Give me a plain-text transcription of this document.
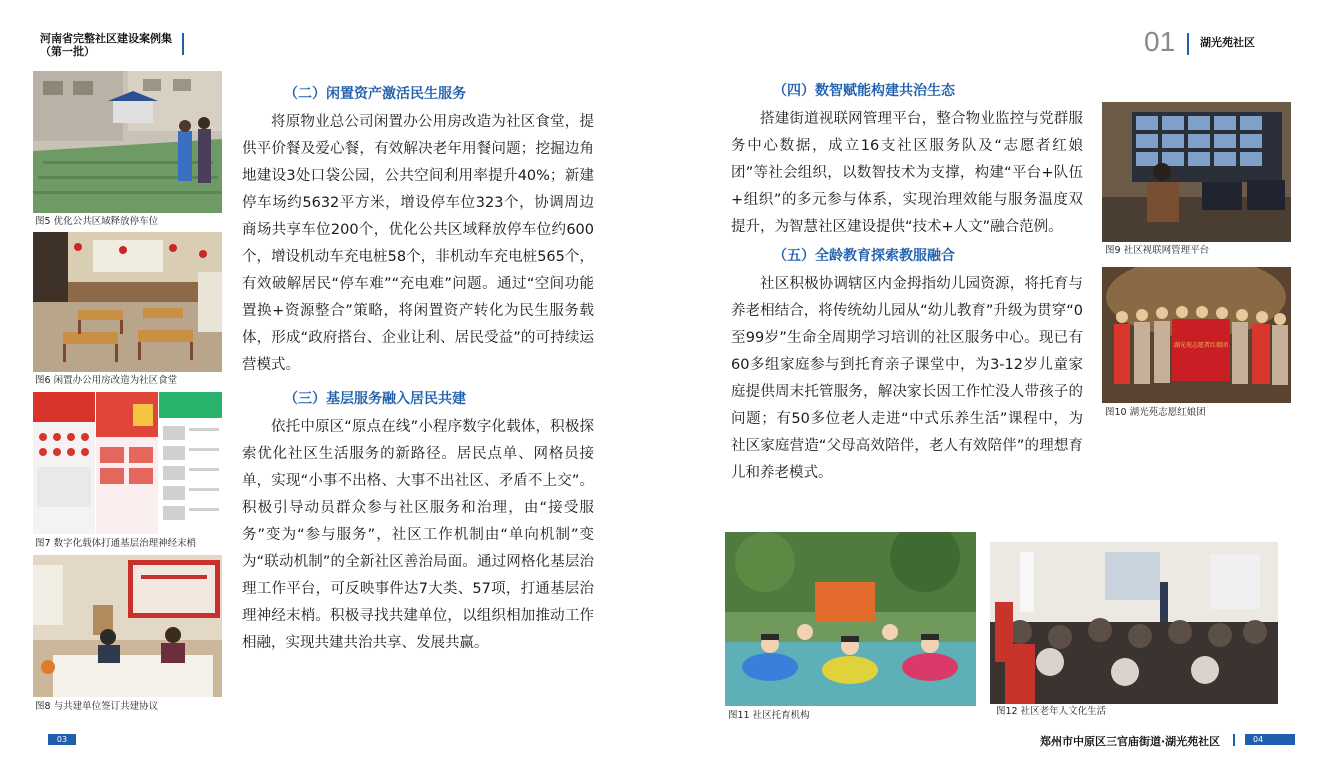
河南省完整社区建设案例集
（第一批）	01 湖光苑社区
图5 优化公共区域释放停车位
图6 闲置办公用房改造为社区食堂
图7 数字化载体打通基层治理神经末梢
图8 与共建单位签订共建协议
（二）闲置资产激活民生服务
将原物业总公司闲置办公用房改造为社区食堂，提供平价餐及爱心餐，有效解决老年用餐问题；挖掘边角地建设3处口袋公园，公共空间利用率提升40%；新建停车场约5632平方米，增设停车位323个，协调周边商场共享车位200个，优化公共区域释放停车位约600个，增设机动车充电桩58个，非机动车充电桩565个，有效破解居民“停车难”“充电难”问题。通过“空间功能置换+资源整合”策略，将闲置资产转化为民生服务载体，形成“政府搭台、企业让利、居民受益”的可持续运营模式。
（三）基层服务融入居民共建
依托中原区“原点在线”小程序数字化载体，积极探索优化社区生活服务的新路径。居民点单、网格员接单，实现“小事不出格、大事不出社区、矛盾不上交”。积极引导动员群众参与社区服务和治理，由“接受服务”变为“参与服务”，社区工作机制由“单向机制”变为“联动机制”的全新社区善治局面。通过网格化基层治理工作平台，可反映事件达7大类、57项，打通基层治理神经末梢。积极寻找共建单位，以组织相加推动工作相融，实现共建共治共享、发展共赢。
（四）数智赋能构建共治生态
搭建街道视联网管理平台，整合物业监控与党群服务中心数据，成立16支社区服务队及“志愿者红娘团”等社会组织，以数智技术为支撑，构建“平台+队伍+组织”的多元参与体系，实现治理效能与服务温度双提升，为智慧社区建设提供“技术+人文”融合范例。
（五）全龄教育探索教服融合
社区积极协调辖区内金拇指幼儿园资源，将托育与养老相结合，将传统幼儿园从“幼儿教育”升级为贯穿“0至99岁”生命全周期学习培训的社区服务中心。现已有60多组家庭参与到托育亲子课堂中，为3-12岁儿童家庭提供周末托管服务，解决家长因工作忙没人带孩子的问题；有50多位老人走进“中式乐养生活”课程中，为社区家庭营造“父母高效陪伴，老人有效陪伴”的理想育儿和养老模式。
图9 社区视联网管理平台
湖光苑志愿者红娘团
图10 湖光苑志愿红娘团
图11 社区托育机构	图12 社区老年人文化生活
03	郑州市中原区三官庙街道·湖光苑社区	04
